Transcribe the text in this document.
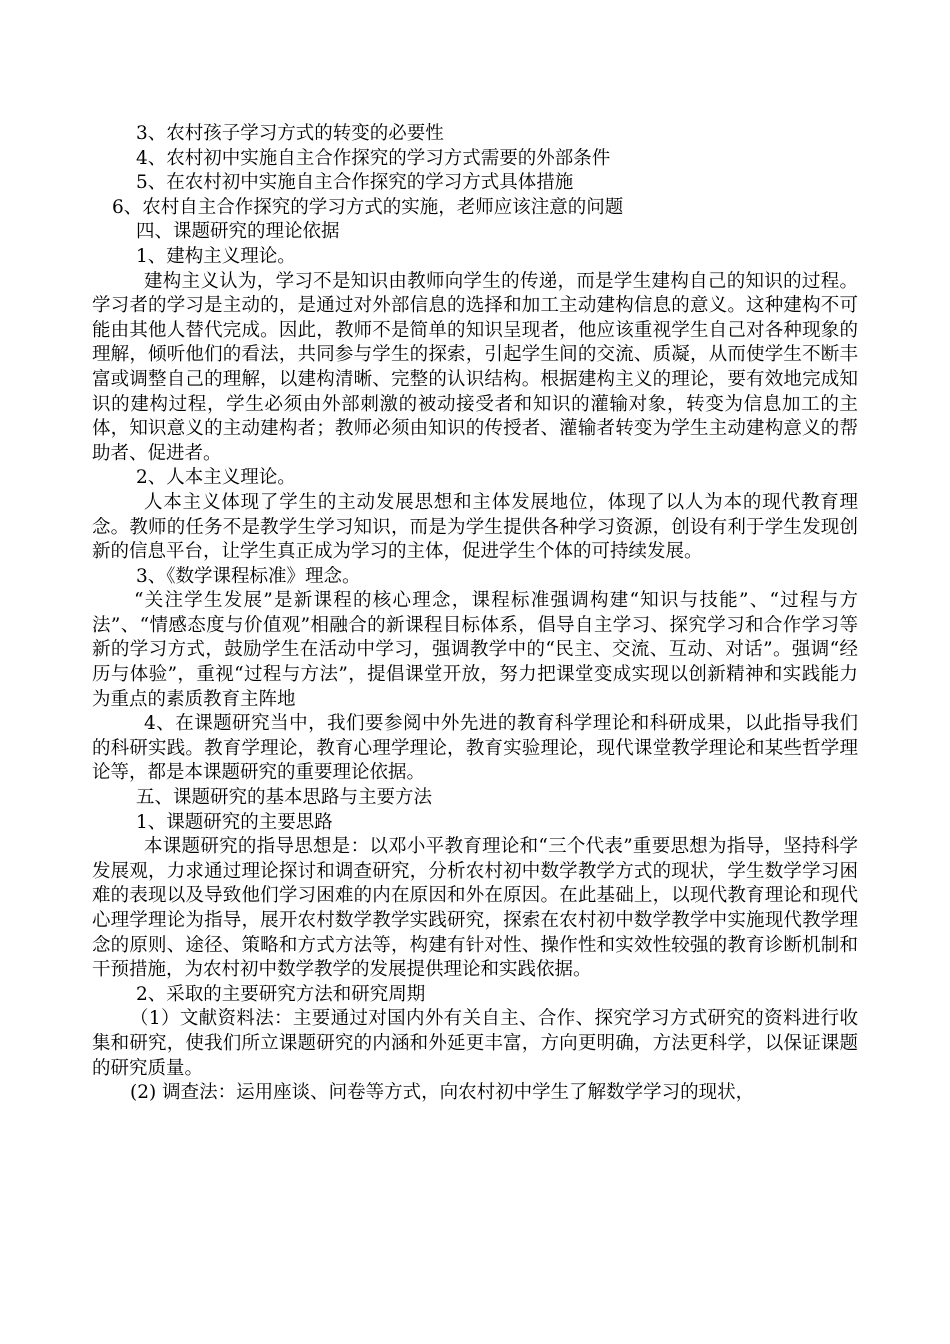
3、农村孩子学习方式的转变的必要性
4、农村初中实施自主合作探究的学习方式需要的外部条件
5、在农村初中实施自主合作探究的学习方式具体措施
6、农村自主合作探究的学习方式的实施，老师应该注意的问题
四、课题研究的理论依据
1、建构主义理论。

建构主义认为，学习不是知识由教师向学生的传递，而是学生建构自己的知识的过程。学习者的学习是主动的，是通过对外部信息的选择和加工主动建构信息的意义。这种建构不可能由其他人替代完成。因此，教师不是简单的知识呈现者，他应该重视学生自己对各种现象的理解，倾听他们的看法，共同参与学生的探索，引起学生间的交流、质凝，从而使学生不断丰富或调整自己的理解，以建构清晰、完整的认识结构。根据建构主义的理论，要有效地完成知识的建构过程，学生必须由外部刺激的被动接受者和知识的灌输对象，转变为信息加工的主体，知识意义的主动建构者；教师必须由知识的传授者、灌输者转变为学生主动建构意义的帮助者、促进者。

2、人本主义理论。

人本主义体现了学生的主动发展思想和主体发展地位，体现了以人为本的现代教育理念。教师的任务不是教学生学习知识，而是为学生提供各种学习资源，创设有利于学生发现创新的信息平台，让学生真正成为学习的主体，促进学生个体的可持续发展。

3、《数学课程标准》理念。

“关注学生发展”是新课程的核心理念，课程标准强调构建“知识与技能”、“过程与方法”、“情感态度与价值观”相融合的新课程目标体系，倡导自主学习、探究学习和合作学习等新的学习方式，鼓励学生在活动中学习，强调教学中的“民主、交流、互动、对话”。强调“经历与体验”，重视“过程与方法”，提倡课堂开放，努力把课堂变成实现以创新精神和实践能力为重点的素质教育主阵地

4、在课题研究当中，我们要参阅中外先进的教育科学理论和科研成果，以此指导我们的科研实践。教育学理论，教育心理学理论，教育实验理论，现代课堂教学理论和某些哲学理论等，都是本课题研究的重要理论依据。

五、课题研究的基本思路与主要方法
1、课题研究的主要思路

本课题研究的指导思想是：以邓小平教育理论和“三个代表”重要思想为指导，坚持科学发展观，力求通过理论探讨和调查研究，分析农村初中数学教学方式的现状，学生数学学习困难的表现以及导致他们学习困难的内在原因和外在原因。在此基础上，以现代教育理论和现代心理学理论为指导，展开农村数学教学实践研究，探索在农村初中数学教学中实施现代教学理念的原则、途径、策略和方式方法等，构建有针对性、操作性和实效性较强的教育诊断机制和干预措施，为农村初中数学教学的发展提供理论和实践依据。

2、采取的主要研究方法和研究周期

（1）文献资料法：主要通过对国内外有关自主、合作、探究学习方式研究的资料进行收集和研究，使我们所立课题研究的内涵和外延更丰富，方向更明确，方法更科学，以保证课题的研究质量。

(2) 调查法：运用座谈、问卷等方式，向农村初中学生了解数学学习的现状，
